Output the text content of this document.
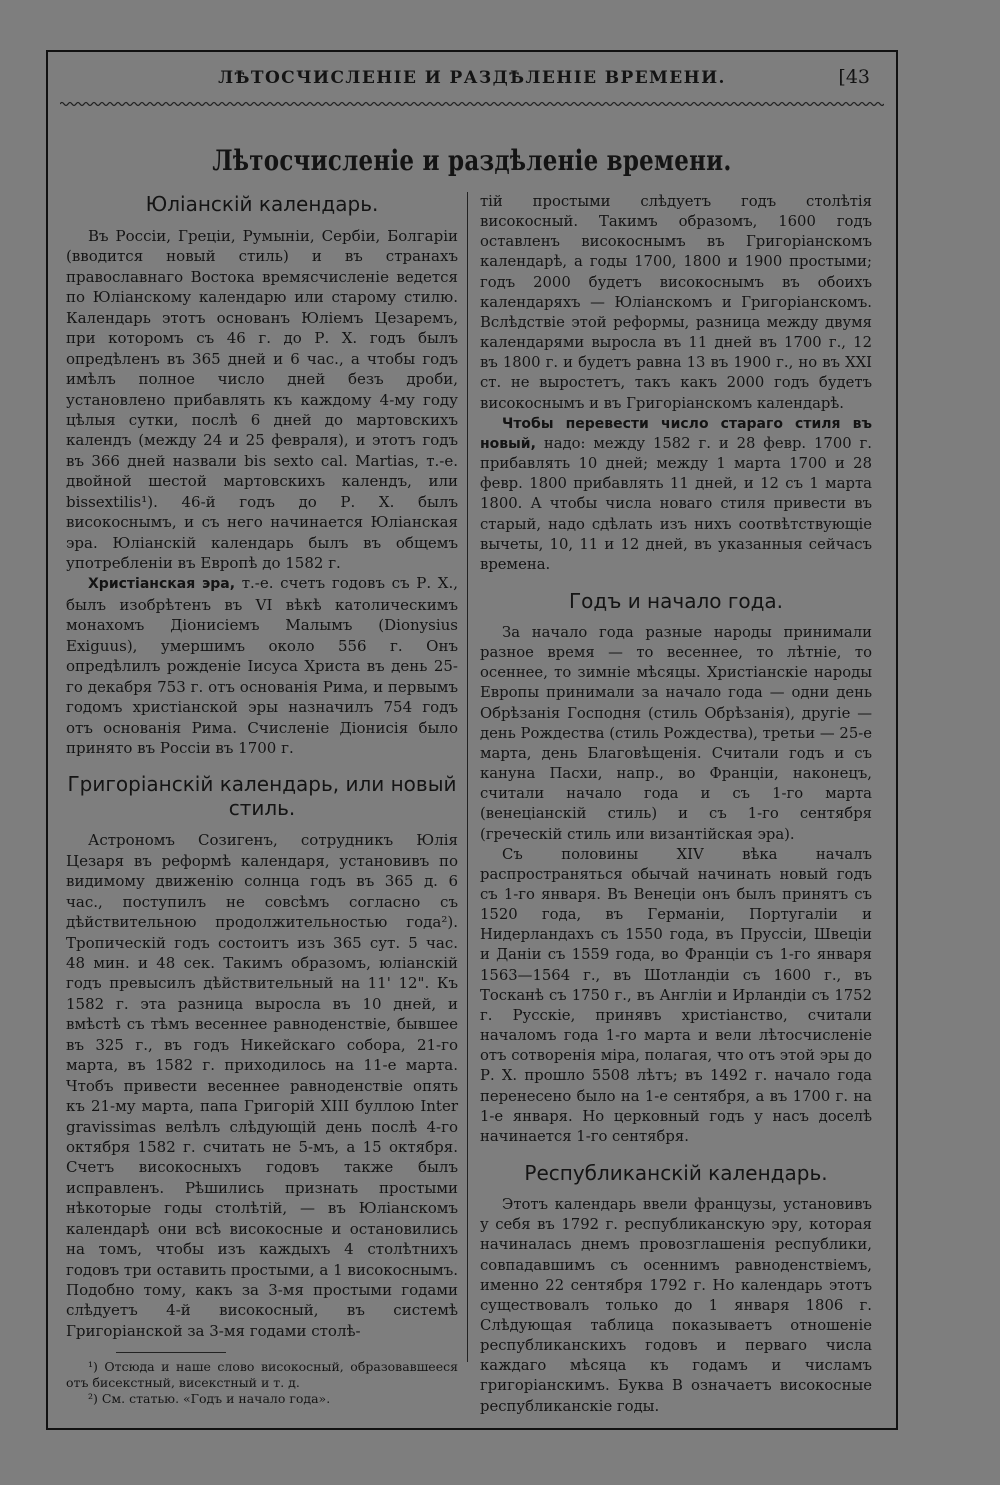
ЛѢТОСЧИСЛЕНІЕ И РАЗДѢЛЕНІЕ ВРЕМЕНИ.	[43
Лѣтосчисленіе и раздѣленіе времени.
Юліанскій календарь.

Въ Россіи, Греціи, Румыніи, Сербіи, Болгаріи (вводится новый стиль) и въ странахъ православнаго Востока времясчисленіе ведется по Юліанскому календарю или старому стилю. Календарь этотъ основанъ Юліемъ Цезаремъ, при которомъ съ 46 г. до Р. Х. годъ былъ опредѣленъ въ 365 дней и 6 час., а чтобы годъ имѣлъ полное число дней безъ дроби, установлено прибавлять къ каждому 4-му году цѣлыя сутки, послѣ 6 дней до мартовскихъ календъ (между 24 и 25 февраля), и этотъ годъ въ 366 дней назвали bis sexto cal. Martias, т.-е. двойной шестой мартовскихъ календъ, или bissextilis¹). 46-й годъ до Р. Х. былъ високоснымъ, и съ него начинается Юліанская эра. Юліанскій календарь былъ въ общемъ употребленіи въ Европѣ до 1582 г.

Христіанская эра, т.-е. счетъ годовъ съ Р. Х., былъ изобрѣтенъ въ VI вѣкѣ католическимъ монахомъ Діонисіемъ Малымъ (Dionysius Exiguus), умершимъ около 556 г. Онъ опредѣлилъ рожденіе Іисуса Христа въ день 25-го декабря 753 г. отъ основанія Рима, и первымъ годомъ христіанской эры назначилъ 754 годъ отъ основанія Рима. Счисленіе Діонисія было принято въ Россіи въ 1700 г.

Григоріанскій календарь, или новый стиль.

Астрономъ Созигенъ, сотрудникъ Юлія Цезаря въ реформѣ календаря, установивъ по видимому движенію солнца годъ въ 365 д. 6 час., поступилъ не совсѣмъ согласно съ дѣйствительною продолжительностью года²). Тропическій годъ состоитъ изъ 365 сут. 5 час. 48 мин. и 48 сек. Такимъ образомъ, юліанскій годъ превысилъ дѣйствительный на 11' 12". Къ 1582 г. эта разница выросла въ 10 дней, и вмѣстѣ съ тѣмъ весеннее равноденствіе, бывшее въ 325 г., въ годъ Никейскаго собора, 21-го марта, въ 1582 г. приходилось на 11-е марта. Чтобъ привести весеннее равноденствіе опять къ 21-му марта, папа Григорій XIII буллою Inter gravissimas велѣлъ слѣдующій день послѣ 4-го октября 1582 г. считать не 5-мъ, а 15 октября. Счетъ високосныхъ годовъ также былъ исправленъ. Рѣшились признать простыми нѣкоторые годы столѣтій, — въ Юліанскомъ календарѣ они всѣ високосные и остановились на томъ, чтобы изъ каждыхъ 4 столѣтнихъ годовъ три оставить простыми, а 1 високоснымъ. Подобно тому, какъ за 3-мя простыми годами слѣдуетъ 4-й високосный, въ системѣ Григоріанской за 3-мя годами столѣ-

тій простыми слѣдуетъ годъ столѣтія високосный. Такимъ образомъ, 1600 годъ оставленъ високоснымъ въ Григоріанскомъ календарѣ, а годы 1700, 1800 и 1900 простыми; годъ 2000 будетъ високоснымъ въ обоихъ календаряхъ — Юліанскомъ и Григоріанскомъ. Вслѣдствіе этой реформы, разница между двумя календарями выросла въ 11 дней въ 1700 г., 12 въ 1800 г. и будетъ равна 13 въ 1900 г., но въ XXI ст. не выростетъ, такъ какъ 2000 годъ будетъ високоснымъ и въ Григоріанскомъ календарѣ.

Чтобы перевести число стараго стиля въ новый, надо: между 1582 г. и 28 февр. 1700 г. прибавлять 10 дней; между 1 марта 1700 и 28 февр. 1800 прибавлять 11 дней, и 12 съ 1 марта 1800. А чтобы числа новаго стиля привести въ старый, надо сдѣлать изъ нихъ соотвѣтствующіе вычеты, 10, 11 и 12 дней, въ указанныя сейчасъ времена.

Годъ и начало года.

За начало года разные народы принимали разное время — то весеннее, то лѣтніе, то осеннее, то зимніе мѣсяцы. Христіанскіе народы Европы принимали за начало года — одни день Обрѣзанія Господня (стиль Обрѣзанія), другіе — день Рождества (стиль Рождества), третьи — 25-е марта, день Благовѣщенія. Считали годъ и съ кануна Пасхи, напр., во Франціи, наконецъ, считали начало года и съ 1-го марта (венеціанскій стиль) и съ 1-го сентября (греческій стиль или византійская эра).

Съ половины XIV вѣка началъ распространяться обычай начинать новый годъ съ 1-го января. Въ Венеціи онъ былъ принятъ съ 1520 года, въ Германіи, Португаліи и Нидерландахъ съ 1550 года, въ Пруссіи, Швеціи и Даніи съ 1559 года, во Франціи съ 1-го января 1563—1564 г., въ Шотландіи съ 1600 г., въ Тосканѣ съ 1750 г., въ Англіи и Ирландіи съ 1752 г. Русскіе, принявъ христіанство, считали началомъ года 1-го марта и вели лѣтосчисленіе отъ сотворенія міра, полагая, что отъ этой эры до Р. Х. прошло 5508 лѣтъ; въ 1492 г. начало года перенесено было на 1-е сентября, а въ 1700 г. на 1-е января. Но церковный годъ у насъ доселѣ начинается 1-го сентября.

Республиканскій календарь.

Этотъ календарь ввели французы, установивъ у себя въ 1792 г. республиканскую эру, которая начиналась днемъ провозглашенія республики, совпадавшимъ съ осеннимъ равноденствіемъ, именно 22 сентября 1792 г. Но календарь этотъ существовалъ только до 1 января 1806 г. Слѣдующая таблица показываетъ отношеніе республиканскихъ годовъ и перваго числа каждаго мѣсяца къ годамъ и числамъ григоріанскимъ. Буква В означаетъ високосные республиканскіе годы.

¹) Отсюда и наше слово високосный, образовавшееся отъ бисекстный, висекстный и т. д.

²) См. статью. «Годъ и начало года».
